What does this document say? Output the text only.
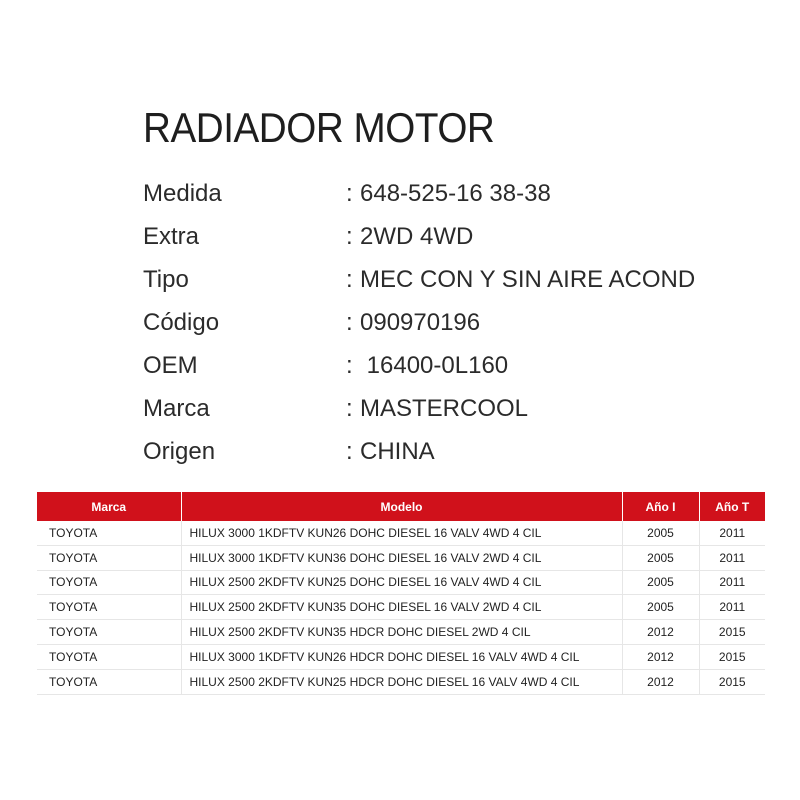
RADIADOR MOTOR
Medida	: 648-525-16 38-38
Extra	: 2WD 4WD
Tipo	: MEC CON Y SIN AIRE ACOND
Código	: 090970196
OEM	: 16400-0L160
Marca	: MASTERCOOL
Origen	: CHINA
Marca	Modelo	Año I	Año T
TOYOTA	HILUX 3000 1KDFTV KUN26 DOHC DIESEL 16 VALV 4WD 4 CIL	2005	2011
TOYOTA	HILUX 3000 1KDFTV KUN36 DOHC DIESEL 16 VALV 2WD 4 CIL	2005	2011
TOYOTA	HILUX 2500 2KDFTV KUN25 DOHC DIESEL 16 VALV 4WD 4 CIL	2005	2011
TOYOTA	HILUX 2500 2KDFTV KUN35 DOHC DIESEL 16 VALV 2WD 4 CIL	2005	2011
TOYOTA	HILUX 2500 2KDFTV KUN35 HDCR DOHC DIESEL 2WD 4 CIL	2012	2015
TOYOTA	HILUX 3000 1KDFTV KUN26 HDCR DOHC DIESEL 16 VALV 4WD 4 CIL	2012	2015
TOYOTA	HILUX 2500 2KDFTV KUN25 HDCR DOHC DIESEL 16 VALV 4WD 4 CIL	2012	2015
